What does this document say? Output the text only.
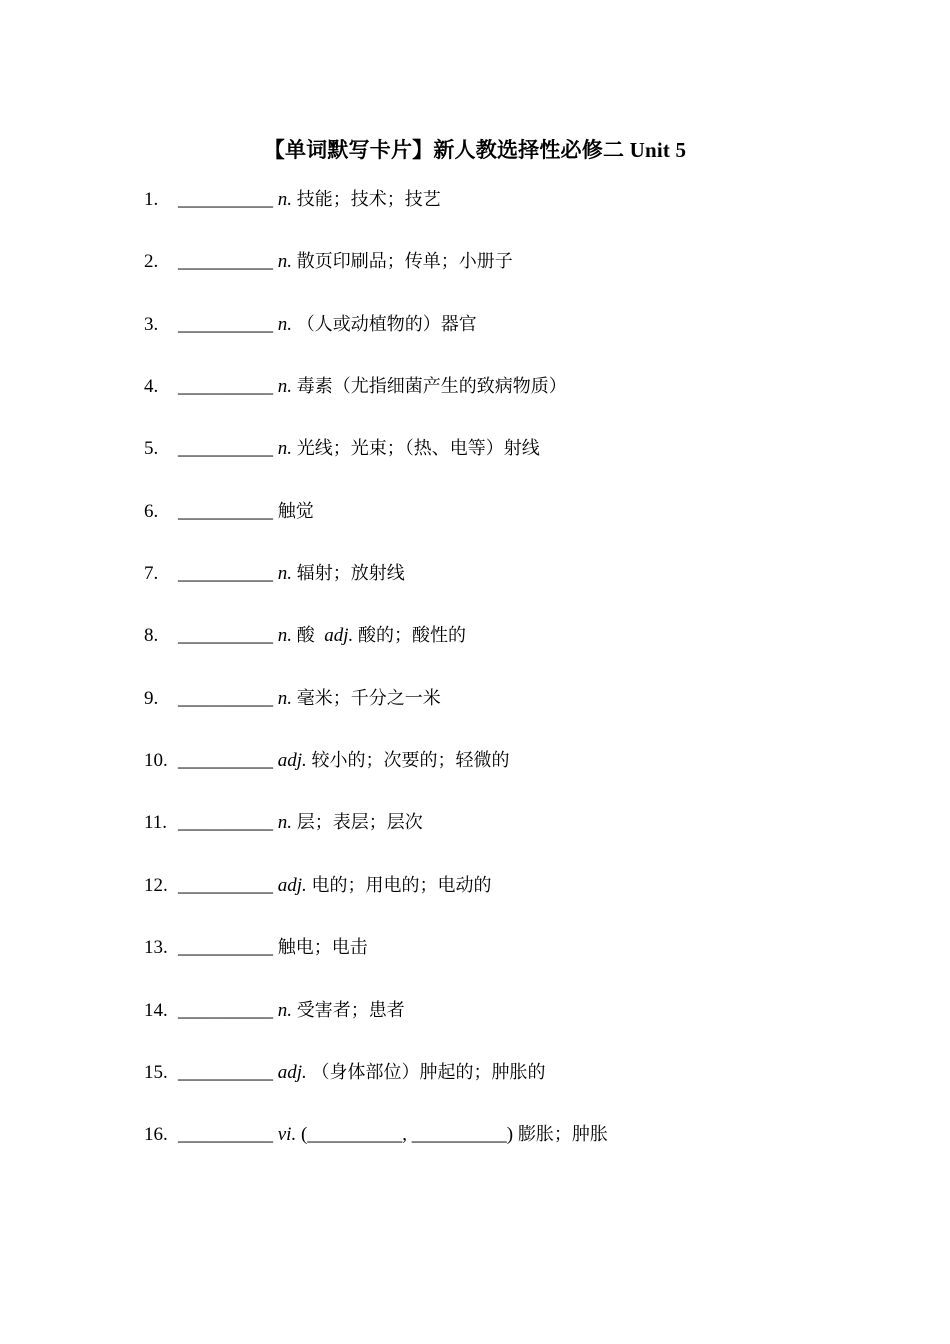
【单词默写卡片】新人教选择性必修二 Unit 5
1. __________ n. 技能；技术；技艺
2. __________ n. 散页印刷品；传单；小册子
3. __________ n. （人或动植物的）器官
4. __________ n. 毒素（尤指细菌产生的致病物质）
5. __________ n. 光线；光束；（热、电等）射线
6. __________ 触觉
7. __________ n. 辐射；放射线
8. __________ n. 酸 adj. 酸的；酸性的
9. __________ n. 毫米；千分之一米
10. __________ adj. 较小的；次要的；轻微的
11. __________ n. 层；表层；层次
12. __________ adj. 电的；用电的；电动的
13. __________ 触电；电击
14. __________ n. 受害者；患者
15. __________ adj. （身体部位）肿起的；肿胀的
16. __________ vi. (__________, __________) 膨胀；肿胀
